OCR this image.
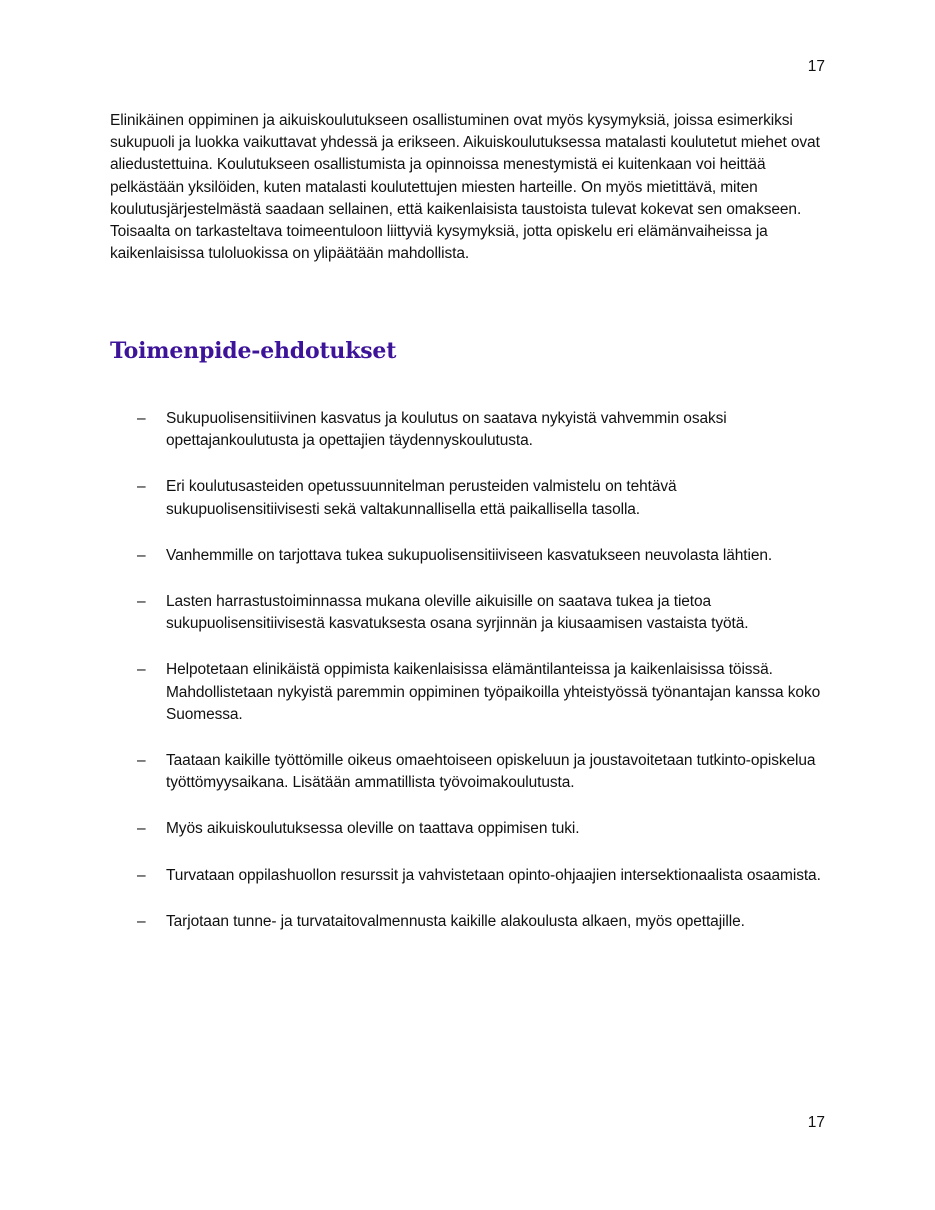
17

Elinikäinen oppiminen ja aikuiskoulutukseen osallistuminen ovat myös kysymyksiä, joissa esimerkiksi sukupuoli ja luokka vaikuttavat yhdessä ja erikseen. Aikuiskoulutuksessa matalasti koulutetut miehet ovat aliedustettuina. Koulutukseen osallistumista ja opinnoissa menestymistä ei kuitenkaan voi heittää pelkästään yksilöiden, kuten matalasti koulutettujen miesten harteille. On myös mietittävä, miten koulutusjärjestelmästä saadaan sellainen, että kaikenlaisista taustoista tulevat kokevat sen omakseen. Toisaalta on tarkasteltava toimeentuloon liittyviä kysymyksiä, jotta opiskelu eri elämänvaiheissa ja kaikenlaisissa tuloluokissa on ylipäätään mahdollista.

Toimenpide-ehdotukset
– Sukupuolisensitiivinen kasvatus ja koulutus on saatava nykyistä vahvemmin osaksi opettajankoulutusta ja opettajien täydennyskoulutusta.
– Eri koulutusasteiden opetussuunnitelman perusteiden valmistelu on tehtävä sukupuolisensitiivisesti sekä valtakunnallisella että paikallisella tasolla.
– Vanhemmille on tarjottava tukea sukupuolisensitiiviseen kasvatukseen neuvolasta lähtien.
– Lasten harrastustoiminnassa mukana oleville aikuisille on saatava tukea ja tietoa sukupuolisensitiivisestä kasvatuksesta osana syrjinnän ja kiusaamisen vastaista työtä.
– Helpotetaan elinikäistä oppimista kaikenlaisissa elämäntilanteissa ja kaikenlaisissa töissä. Mahdollistetaan nykyistä paremmin oppiminen työpaikoilla yhteistyössä työnantajan kanssa koko Suomessa.
– Taataan kaikille työttömille oikeus omaehtoiseen opiskeluun ja joustavoitetaan tutkinto-opiskelua työttömyysaikana. Lisätään ammatillista työvoimakoulutusta.
– Myös aikuiskoulutuksessa oleville on taattava oppimisen tuki.
– Turvataan oppilashuollon resurssit ja vahvistetaan opinto-ohjaajien intersektionaalista osaamista.
– Tarjotaan tunne- ja turvataitovalmennusta kaikille alakoulusta alkaen, myös opettajille.
17
